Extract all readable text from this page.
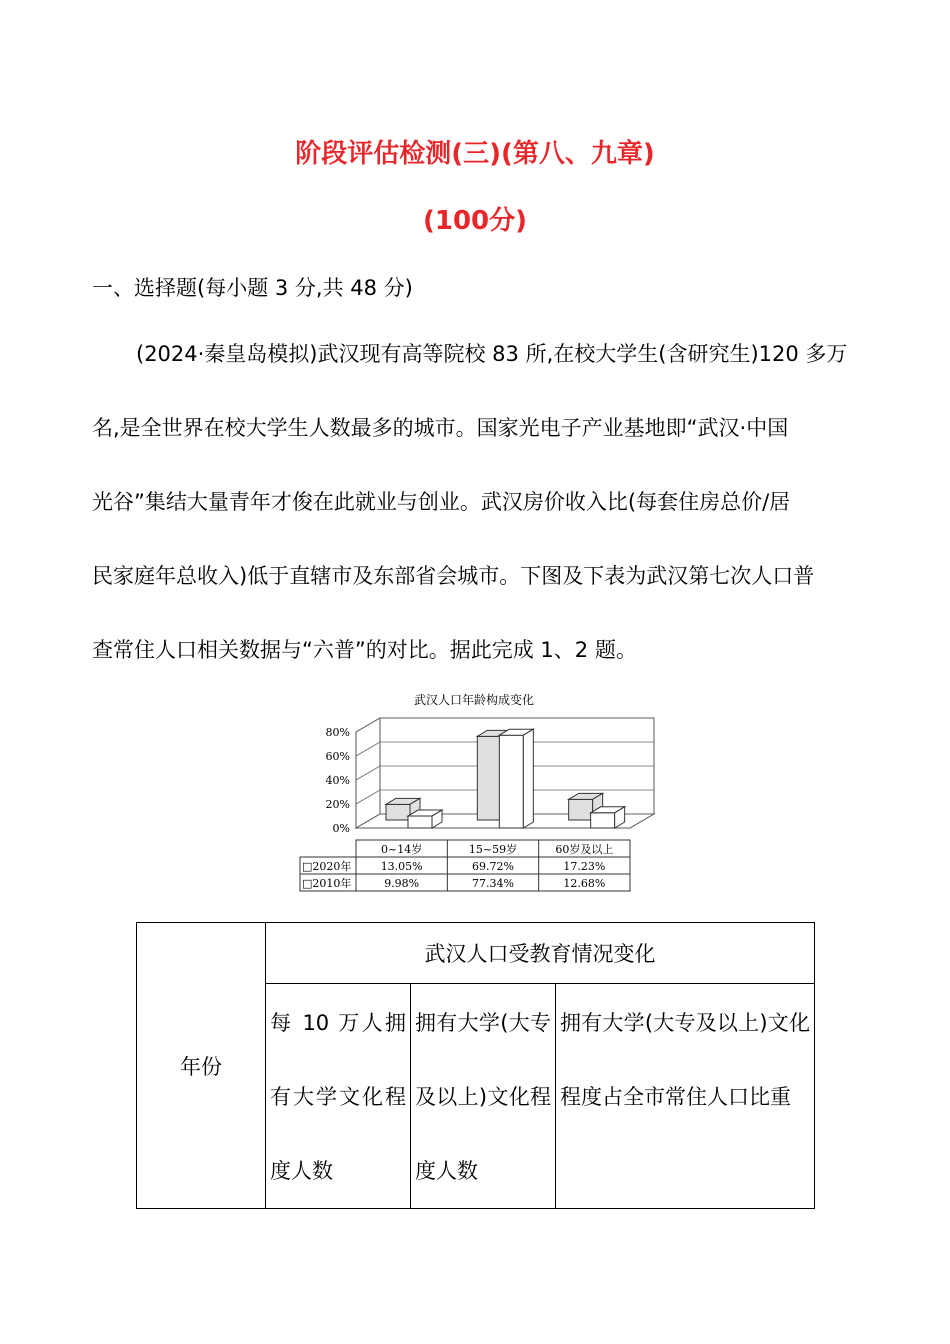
阶段评估检测(三)(第八、九章)
(100分)
一、选择题(每小题 3 分,共 48 分)
(2024·秦皇岛模拟)武汉现有高等院校 83 所,在校大学生(含研究生)120 多万
名,是全世界在校大学生人数最多的城市。国家光电子产业基地即“武汉·中国
光谷”集结大量青年才俊在此就业与创业。武汉房价收入比(每套住房总价/居
民家庭年总收入)低于直辖市及东部省会城市。下图及下表为武汉第七次人口普
查常住人口相关数据与“六普”的对比。据此完成 1、2 题。
武汉人口年龄构成变化
0%
20%
40%
60%
80%
0~14岁	15~59岁	60岁及以上
□2020年	13.05%	69.72%	17.23%
□2010年	9.98%	77.34%	12.68%
年份	武汉人口受教育情况变化		
	每 10 万人拥有大学文化程度人数	拥有大学(大专及以上)文化程度人数	拥有大学(大专及以上)文化程度占全市常住人口比重
